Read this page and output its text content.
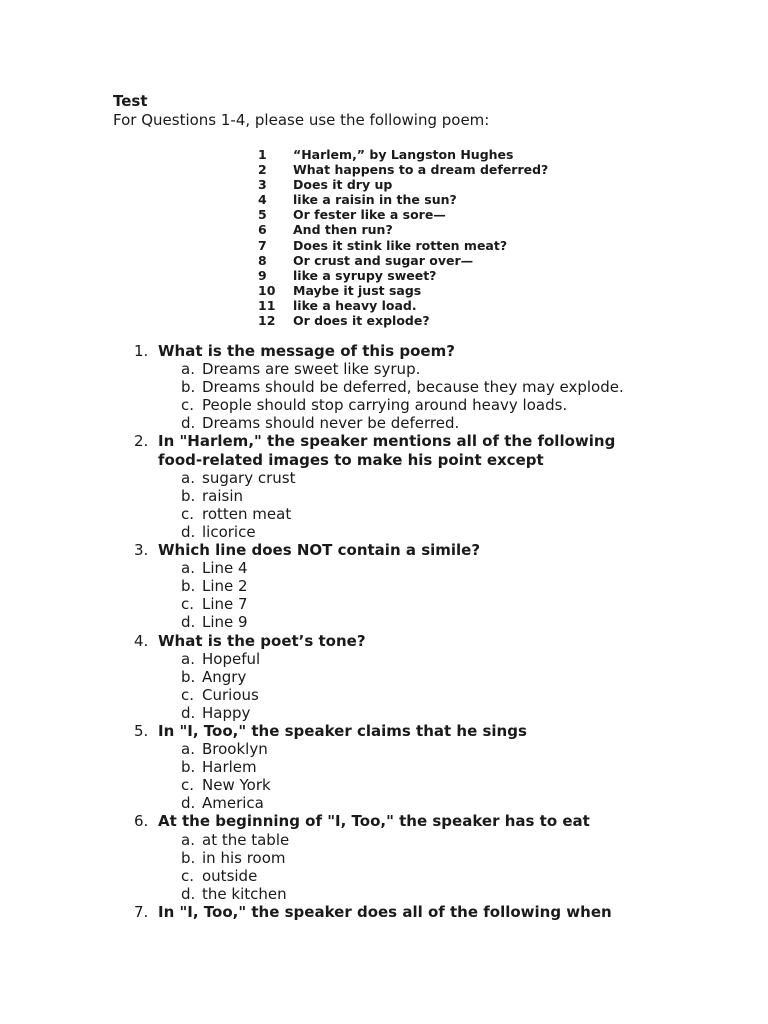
Test
For Questions 1-4, please use the following poem:
1	“Harlem,” by Langston Hughes
2	What happens to a dream deferred?
3	Does it dry up
4	like a raisin in the sun?
5	Or fester like a sore—
6	And then run?
7	Does it stink like rotten meat?
8	Or crust and sugar over—
9	like a syrupy sweet?
10	Maybe it just sags
11	like a heavy load.
12	Or does it explode?
1. What is the message of this poem?
a. Dreams are sweet like syrup.
b. Dreams should be deferred, because they may explode.
c. People should stop carrying around heavy loads.
d. Dreams should never be deferred.
2. In "Harlem," the speaker mentions all of the following food-related images to make his point except
a. sugary crust
b. raisin
c. rotten meat
d. licorice
3. Which line does NOT contain a simile?
a. Line 4
b. Line 2
c. Line 7
d. Line 9
4. What is the poet’s tone?
a. Hopeful
b. Angry
c. Curious
d. Happy
5. In "I, Too," the speaker claims that he sings
a. Brooklyn
b. Harlem
c. New York
d. America
6. At the beginning of "I, Too," the speaker has to eat
a. at the table
b. in his room
c. outside
d. the kitchen
7. In "I, Too," the speaker does all of the following when
